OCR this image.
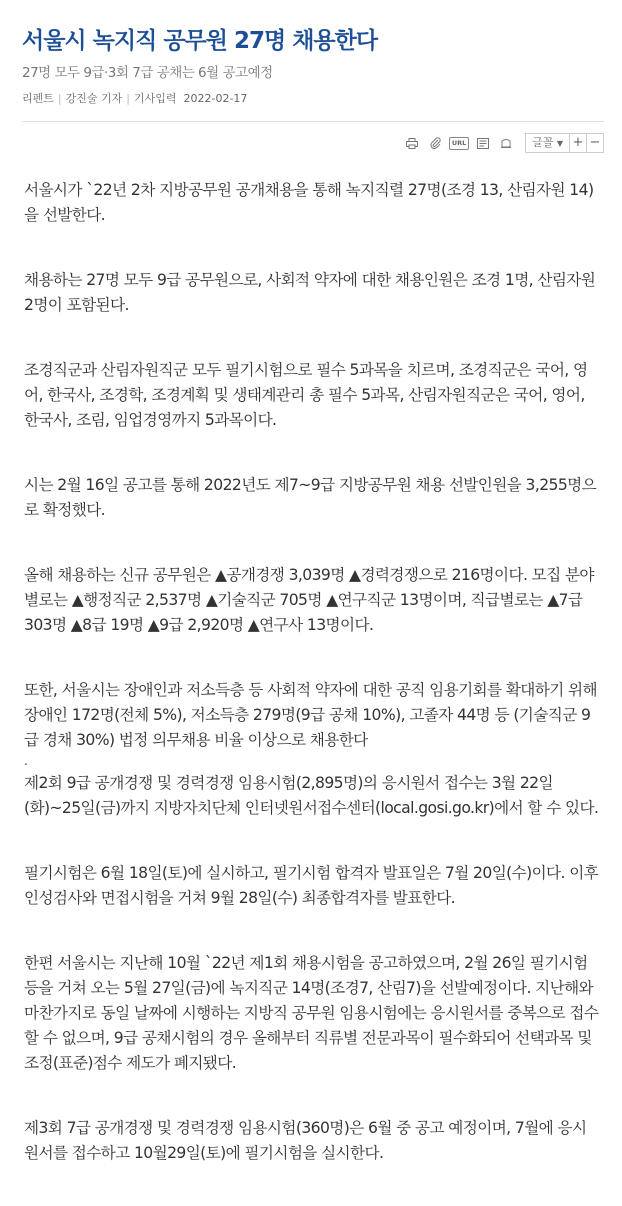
서울시 녹지직 공무원 27명 채용한다
27명 모두 9급·3회 7급 공채는 6월 공고예정
리펜트 | 강진술 기자 | 기사입력 2022-02-17
URL	글꼴 ▼ + −
서울시가 `22년 2차 지방공무원 공개채용을 통해 녹지직렬 27명(조경 13, 산림자원 14)을 선발한다.
채용하는 27명 모두 9급 공무원으로, 사회적 약자에 대한 채용인원은 조경 1명, 산림자원 2명이 포함된다.
조경직군과 산림자원직군 모두 필기시험으로 필수 5과목을 치르며, 조경직군은 국어, 영어, 한국사, 조경학, 조경계획 및 생태계관리 총 필수 5과목, 산림자원직군은 국어, 영어, 한국사, 조림, 임업경영까지 5과목이다.
시는 2월 16일 공고를 통해 2022년도 제7~9급 지방공무원 채용 선발인원을 3,255명으로 확정했다.
올해 채용하는 신규 공무원은 ▲공개경쟁 3,039명 ▲경력경쟁으로 216명이다. 모집 분야별로는 ▲행정직군 2,537명 ▲기술직군 705명 ▲연구직군 13명이며, 직급별로는 ▲7급 303명 ▲8급 19명 ▲9급 2,920명 ▲연구사 13명이다.
또한, 서울시는 장애인과 저소득층 등 사회적 약자에 대한 공직 임용기회를 확대하기 위해 장애인 172명(전체 5%), 저소득층 279명(9급 공채 10%), 고졸자 44명 등 (기술직군 9급 경채 30%) 법정 의무채용 비율 이상으로 채용한다
.
제2회 9급 공개경쟁 및 경력경쟁 임용시험(2,895명)의 응시원서 접수는 3월 22일(화)~25일(금)까지 지방자치단체 인터넷원서접수센터(local.gosi.go.kr)에서 할 수 있다.
필기시험은 6월 18일(토)에 실시하고, 필기시험 합격자 발표일은 7월 20일(수)이다. 이후 인성검사와 면접시험을 거쳐 9월 28일(수) 최종합격자를 발표한다.
한편 서울시는 지난해 10월 `22년 제1회 채용시험을 공고하였으며, 2월 26일 필기시험 등을 거쳐 오는 5월 27일(금)에 녹지직군 14명(조경7, 산림7)을 선발예정이다. 지난해와 마찬가지로 동일 날짜에 시행하는 지방직 공무원 임용시험에는 응시원서를 중복으로 접수할 수 없으며, 9급 공채시험의 경우 올해부터 직류별 전문과목이 필수화되어 선택과목 및 조정(표준)점수 제도가 폐지됐다.
제3회 7급 공개경쟁 및 경력경쟁 임용시험(360명)은 6월 중 공고 예정이며, 7월에 응시원서를 접수하고 10월29일(토)에 필기시험을 실시한다.
